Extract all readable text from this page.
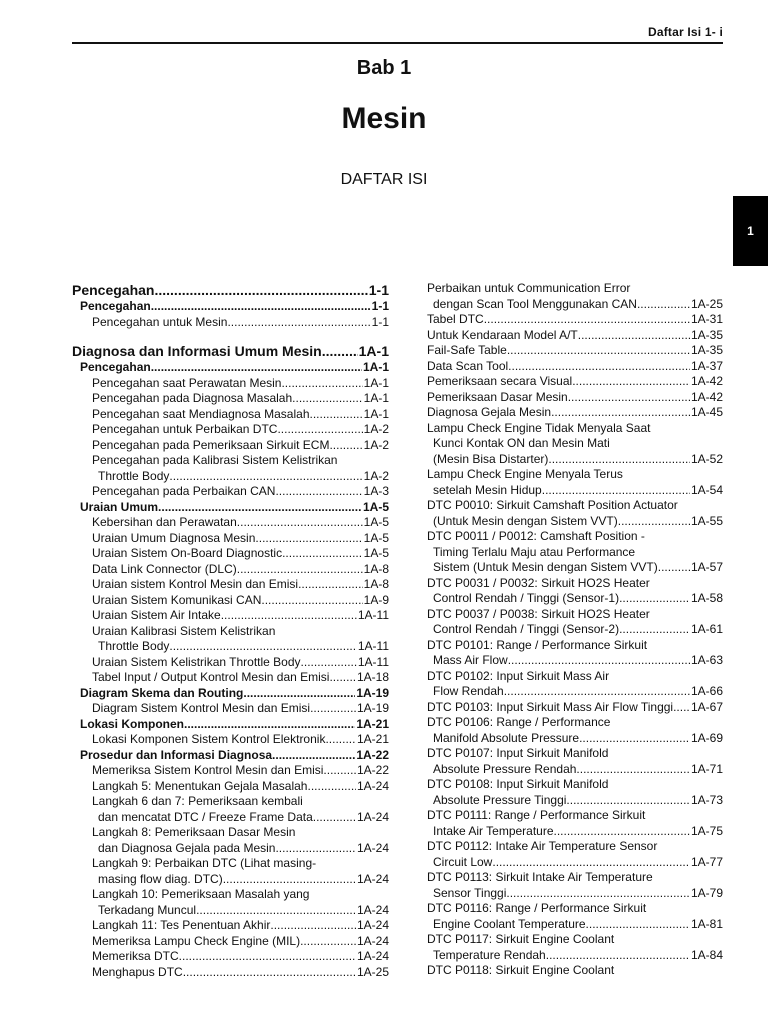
Daftar Isi 1- i
Bab 1
Mesin
DAFTAR ISI
1
Pencegahan .....	1-1
Pencegahan .....	1-1
Pencegahan untuk Mesin .....	1-1
Diagnosa dan Informasi Umum Mesin .....	1A-1
Pencegahan .....	1A-1
Pencegahan saat Perawatan Mesin .....	1A-1
Pencegahan pada Diagnosa Masalah .....	1A-1
Pencegahan saat Mendiagnosa Masalah .....	1A-1
Pencegahan untuk Perbaikan DTC .....	1A-2
Pencegahan pada Pemeriksaan Sirkuit ECM .....	1A-2
Pencegahan pada Kalibrasi Sistem Kelistrikan
Throttle Body .....	1A-2
Pencegahan pada Perbaikan CAN .....	1A-3
Uraian Umum .....	1A-5
Kebersihan dan Perawatan .....	1A-5
Uraian Umum Diagnosa Mesin .....	1A-5
Uraian Sistem On-Board Diagnostic .....	1A-5
Data Link Connector (DLC) .....	1A-8
Uraian sistem Kontrol Mesin dan Emisi .....	1A-8
Uraian Sistem Komunikasi CAN .....	1A-9
Uraian Sistem Air Intake .....	1A-11
Uraian Kalibrasi Sistem Kelistrikan
Throttle Body .....	1A-11
Uraian Sistem Kelistrikan Throttle Body .....	1A-11
Tabel Input / Output Kontrol Mesin dan Emisi ..... 1A-18
Diagram Skema dan Routing .....	1A-19
Diagram Sistem Kontrol Mesin dan Emisi .....	1A-19
Lokasi Komponen .....	1A-21
Lokasi Komponen Sistem Kontrol Elektronik .....	1A-21
Prosedur dan Informasi Diagnosa .....	1A-22
Memeriksa Sistem Kontrol Mesin dan Emisi .....	1A-22
Langkah 5: Menentukan Gejala Masalah .....	1A-24
Langkah 6 dan 7: Pemeriksaan kembali
dan mencatat DTC / Freeze Frame Data .....	1A-24
Langkah 8: Pemeriksaan Dasar Mesin
dan Diagnosa Gejala pada Mesin .....	1A-24
Langkah 9: Perbaikan DTC (Lihat masing-
masing flow diag. DTC) .....	1A-24
Langkah 10: Pemeriksaan Masalah yang
Terkadang Muncul .....	1A-24
Langkah 11: Tes Penentuan Akhir .....	1A-24
Memeriksa Lampu Check Engine (MIL) .....	1A-24
Memeriksa DTC .....	1A-24
Menghapus DTC .....	1A-25
Perbaikan untuk Communication Error
dengan Scan Tool Menggunakan CAN .....	1A-25
Tabel DTC .....	1A-31
Untuk Kendaraan Model A/T .....	1A-35
Fail-Safe Table .....	1A-35
Data Scan Tool .....	1A-37
Pemeriksaan secara Visual .....	1A-42
Pemeriksaan Dasar Mesin .....	1A-42
Diagnosa Gejala Mesin .....	1A-45
Lampu Check Engine Tidak Menyala Saat
Kunci Kontak ON dan Mesin Mati
(Mesin Bisa Distarter) .....	1A-52
Lampu Check Engine Menyala Terus
setelah Mesin Hidup .....	1A-54
DTC P0010: Sirkuit Camshaft Position Actuator
(Untuk Mesin dengan Sistem VVT) .....	1A-55
DTC P0011 / P0012: Camshaft Position -
Timing Terlalu Maju atau Performance
Sistem (Untuk Mesin dengan Sistem VVT) .....	1A-57
DTC P0031 / P0032: Sirkuit HO2S Heater
Control Rendah / Tinggi (Sensor-1) .....	1A-58
DTC P0037 / P0038: Sirkuit HO2S Heater
Control Rendah / Tinggi (Sensor-2) .....	1A-61
DTC P0101: Range / Performance Sirkuit
Mass Air Flow .....	1A-63
DTC P0102: Input Sirkuit Mass Air
Flow Rendah .....	1A-66
DTC P0103: Input Sirkuit Mass Air Flow Tinggi ..... 1A-67
DTC P0106: Range / Performance
Manifold Absolute Pressure .....	1A-69
DTC P0107: Input Sirkuit Manifold
Absolute Pressure Rendah .....	1A-71
DTC P0108: Input Sirkuit Manifold
Absolute Pressure Tinggi .....	1A-73
DTC P0111: Range / Performance Sirkuit
Intake Air Temperature .....	1A-75
DTC P0112: Intake Air Temperature Sensor
Circuit Low .....	1A-77
DTC P0113: Sirkuit Intake Air Temperature
Sensor Tinggi .....	1A-79
DTC P0116: Range / Performance Sirkuit
Engine Coolant Temperature .....	1A-81
DTC P0117: Sirkuit Engine Coolant
Temperature Rendah .....	1A-84
DTC P0118: Sirkuit Engine Coolant
